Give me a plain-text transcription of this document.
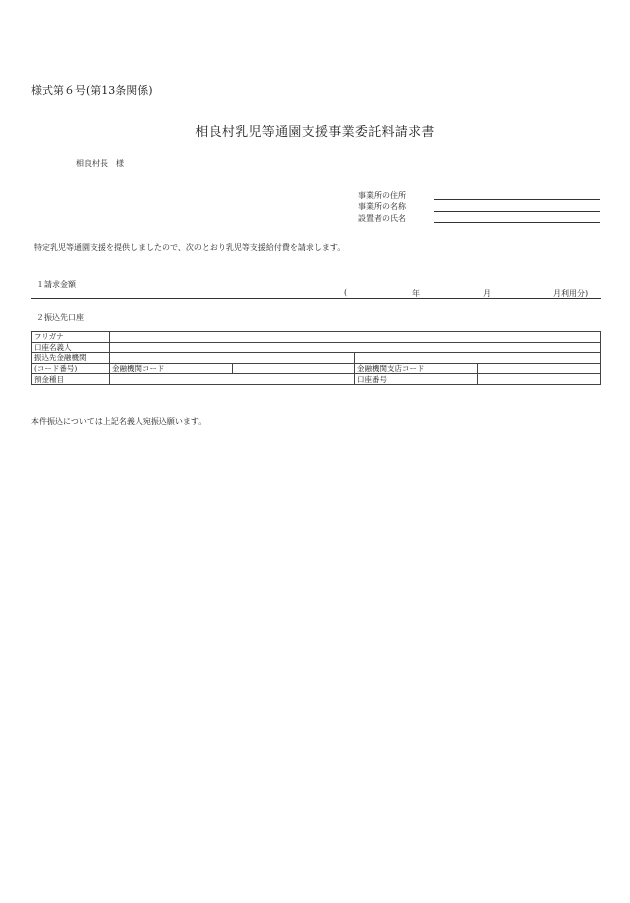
様式第６号(第13条関係)
相良村乳児等通園支援事業委託料請求書
相良村長　様
事業所の住所
事業所の名称
設置者の氏名
特定乳児等通園支援を提供しましたので、次のとおり乳児等支援給付費を請求します。
１請求金額
(	年	月	月利用分)
２振込先口座
フリガナ				
口座名義人				
振込先金融機関				
(コード番号)	金融機関コード		金融機関支店コード	
預金種目			口座番号	
本件振込については上記名義人宛振込願います。
